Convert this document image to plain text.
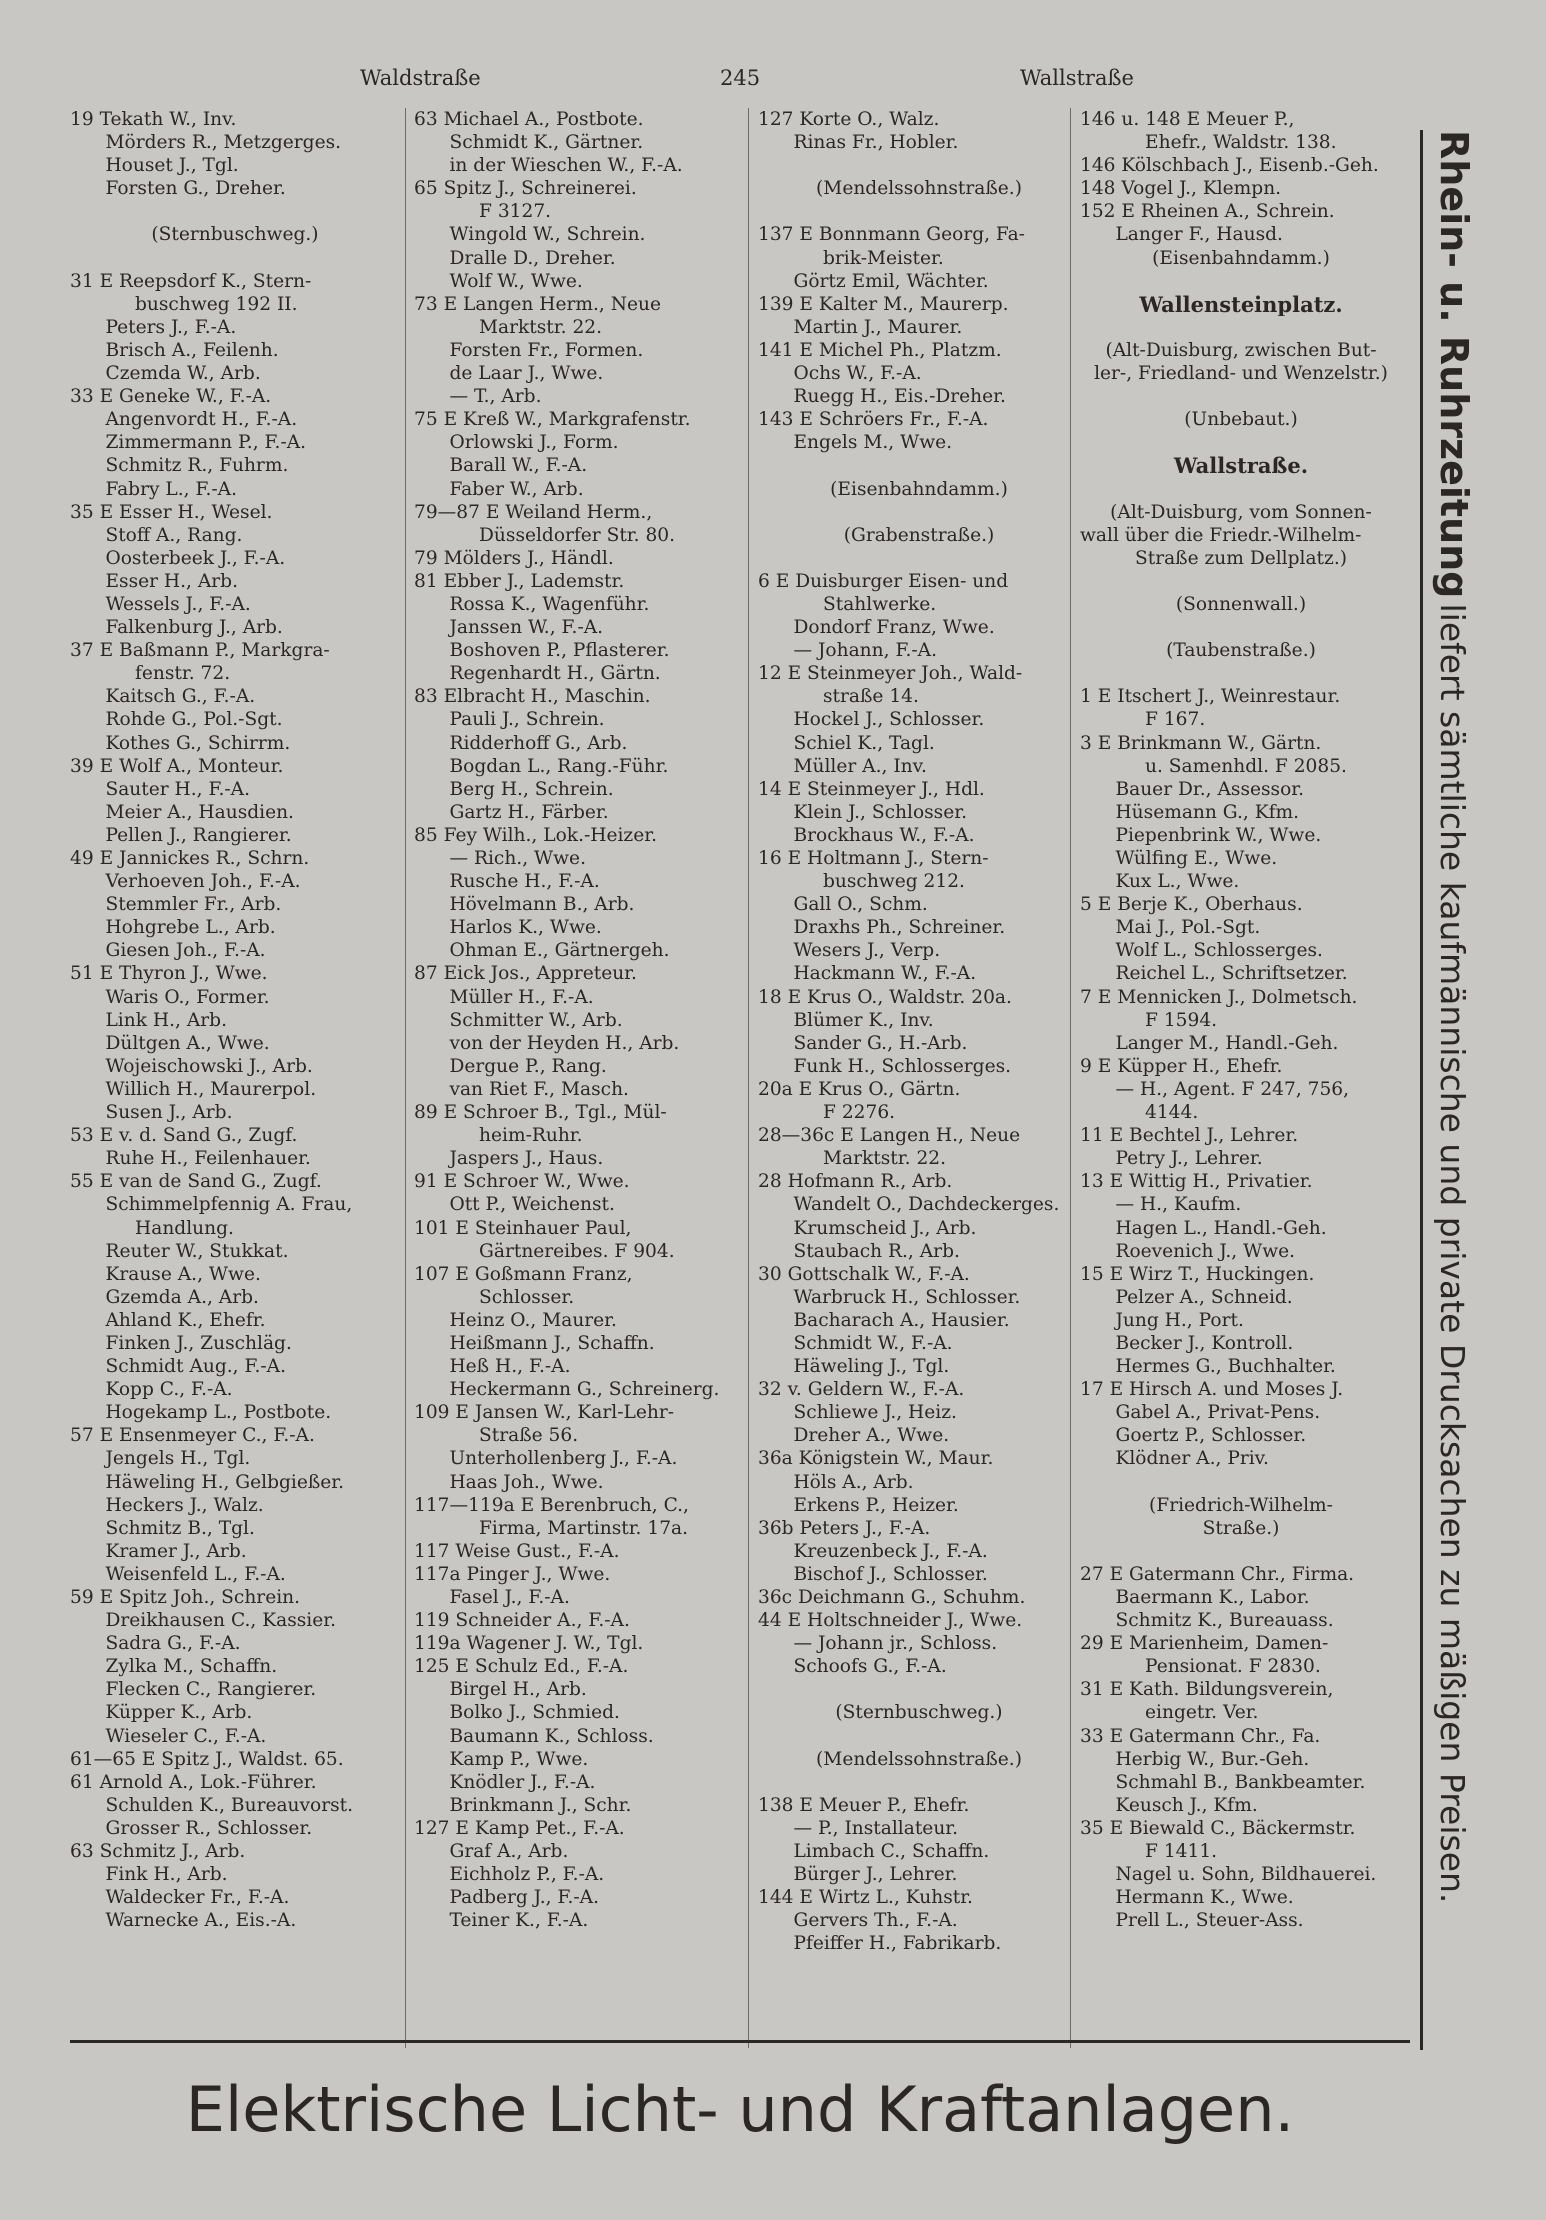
Waldstraße	245	Wallstraße
19 Tekath W., Inv.
Mörders R., Metzgerges.
Houset J., Tgl.
Forsten G., Dreher.

(Sternbuschweg.)

31 E Reepsdorf K., Stern-
buschweg 192 II.
Peters J., F.-A.
Brisch A., Feilenh.
Czemda W., Arb.
33 E Geneke W., F.-A.
Angenvordt H., F.-A.
Zimmermann P., F.-A.
Schmitz R., Fuhrm.
Fabry L., F.-A.
35 E Esser H., Wesel.
Stoff A., Rang.
Oosterbeek J., F.-A.
Esser H., Arb.
Wessels J., F.-A.
Falkenburg J., Arb.
37 E Baßmann P., Markgra-
fenstr. 72.
Kaitsch G., F.-A.
Rohde G., Pol.-Sgt.
Kothes G., Schirrm.
39 E Wolf A., Monteur.
Sauter H., F.-A.
Meier A., Hausdien.
Pellen J., Rangierer.
49 E Jannickes R., Schrn.
Verhoeven Joh., F.-A.
Stemmler Fr., Arb.
Hohgrebe L., Arb.
Giesen Joh., F.-A.
51 E Thyron J., Wwe.
Waris O., Former.
Link H., Arb.
Dültgen A., Wwe.
Wojeischowski J., Arb.
Willich H., Maurerpol.
Susen J., Arb.
53 E v. d. Sand G., Zugf.
Ruhe H., Feilenhauer.
55 E van de Sand G., Zugf.
Schimmelpfennig A. Frau,
Handlung.
Reuter W., Stukkat.
Krause A., Wwe.
Gzemda A., Arb.
Ahland K., Ehefr.
Finken J., Zuschläg.
Schmidt Aug., F.-A.
Kopp C., F.-A.
Hogekamp L., Postbote.
57 E Ensenmeyer C., F.-A.
Jengels H., Tgl.
Häweling H., Gelbgießer.
Heckers J., Walz.
Schmitz B., Tgl.
Kramer J., Arb.
Weisenfeld L., F.-A.
59 E Spitz Joh., Schrein.
Dreikhausen C., Kassier.
Sadra G., F.-A.
Zylka M., Schaffn.
Flecken C., Rangierer.
Küpper K., Arb.
Wieseler C., F.-A.
61—65 E Spitz J., Waldst. 65.
61 Arnold A., Lok.-Führer.
Schulden K., Bureauvorst.
Grosser R., Schlosser.
63 Schmitz J., Arb.
Fink H., Arb.
Waldecker Fr., F.-A.
Warnecke A., Eis.-A.
63 Michael A., Postbote.
Schmidt K., Gärtner.
in der Wieschen W., F.-A.
65 Spitz J., Schreinerei.
F 3127.
Wingold W., Schrein.
Dralle D., Dreher.
Wolf W., Wwe.
73 E Langen Herm., Neue
Marktstr. 22.
Forsten Fr., Formen.
de Laar J., Wwe.
— T., Arb.
75 E Kreß W., Markgrafenstr.
Orlowski J., Form.
Barall W., F.-A.
Faber W., Arb.
79—87 E Weiland Herm.,
Düsseldorfer Str. 80.
79 Mölders J., Händl.
81 Ebber J., Lademstr.
Rossa K., Wagenführ.
Janssen W., F.-A.
Boshoven P., Pflasterer.
Regenhardt H., Gärtn.
83 Elbracht H., Maschin.
Pauli J., Schrein.
Ridderhoff G., Arb.
Bogdan L., Rang.-Führ.
Berg H., Schrein.
Gartz H., Färber.
85 Fey Wilh., Lok.-Heizer.
— Rich., Wwe.
Rusche H., F.-A.
Hövelmann B., Arb.
Harlos K., Wwe.
Ohman E., Gärtnergeh.
87 Eick Jos., Appreteur.
Müller H., F.-A.
Schmitter W., Arb.
von der Heyden H., Arb.
Dergue P., Rang.
van Riet F., Masch.
89 E Schroer B., Tgl., Mül-
heim-Ruhr.
Jaspers J., Haus.
91 E Schroer W., Wwe.
Ott P., Weichenst.
101 E Steinhauer Paul,
Gärtnereibes. F 904.
107 E Goßmann Franz,
Schlosser.
Heinz O., Maurer.
Heißmann J., Schaffn.
Heß H., F.-A.
Heckermann G., Schreinerg.
109 E Jansen W., Karl-Lehr-
Straße 56.
Unterhollenberg J., F.-A.
Haas Joh., Wwe.
117—119a E Berenbruch, C.,
Firma, Martinstr. 17a.
117 Weise Gust., F.-A.
117a Pinger J., Wwe.
Fasel J., F.-A.
119 Schneider A., F.-A.
119a Wagener J. W., Tgl.
125 E Schulz Ed., F.-A.
Birgel H., Arb.
Bolko J., Schmied.
Baumann K., Schloss.
Kamp P., Wwe.
Knödler J., F.-A.
Brinkmann J., Schr.
127 E Kamp Pet., F.-A.
Graf A., Arb.
Eichholz P., F.-A.
Padberg J., F.-A.
Teiner K., F.-A.
127 Korte O., Walz.
Rinas Fr., Hobler.

(Mendelssohnstraße.)

137 E Bonnmann Georg, Fa-
brik-Meister.
Görtz Emil, Wächter.
139 E Kalter M., Maurerp.
Martin J., Maurer.
141 E Michel Ph., Platzm.
Ochs W., F.-A.
Ruegg H., Eis.-Dreher.
143 E Schröers Fr., F.-A.
Engels M., Wwe.

(Eisenbahndamm.)

(Grabenstraße.)

6 E Duisburger Eisen- und
Stahlwerke.
Dondorf Franz, Wwe.
— Johann, F.-A.
12 E Steinmeyer Joh., Wald-
straße 14.
Hockel J., Schlosser.
Schiel K., Tagl.
Müller A., Inv.
14 E Steinmeyer J., Hdl.
Klein J., Schlosser.
Brockhaus W., F.-A.
16 E Holtmann J., Stern-
buschweg 212.
Gall O., Schm.
Draxhs Ph., Schreiner.
Wesers J., Verp.
Hackmann W., F.-A.
18 E Krus O., Waldstr. 20a.
Blümer K., Inv.
Sander G., H.-Arb.
Funk H., Schlosserges.
20a E Krus O., Gärtn.
F 2276.
28—36c E Langen H., Neue
Marktstr. 22.
28 Hofmann R., Arb.
Wandelt O., Dachdeckerges.
Krumscheid J., Arb.
Staubach R., Arb.
30 Gottschalk W., F.-A.
Warbruck H., Schlosser.
Bacharach A., Hausier.
Schmidt W., F.-A.
Häweling J., Tgl.
32 v. Geldern W., F.-A.
Schliewe J., Heiz.
Dreher A., Wwe.
36a Königstein W., Maur.
Höls A., Arb.
Erkens P., Heizer.
36b Peters J., F.-A.
Kreuzenbeck J., F.-A.
Bischof J., Schlosser.
36c Deichmann G., Schuhm.
44 E Holtschneider J., Wwe.
— Johann jr., Schloss.
Schoofs G., F.-A.

(Sternbuschweg.)

(Mendelssohnstraße.)

138 E Meuer P., Ehefr.
— P., Installateur.
Limbach C., Schaffn.
Bürger J., Lehrer.
144 E Wirtz L., Kuhstr.
Gervers Th., F.-A.
Pfeiffer H., Fabrikarb.
146 u. 148 E Meuer P.,
Ehefr., Waldstr. 138.
146 Kölschbach J., Eisenb.-Geh.
148 Vogel J., Klempn.
152 E Rheinen A., Schrein.
Langer F., Hausd.
(Eisenbahndamm.)

Wallensteinplatz.

(Alt-Duisburg, zwischen But-
ler-, Friedland- und Wenzelstr.)

(Unbebaut.)

Wallstraße.

(Alt-Duisburg, vom Sonnen-
wall über die Friedr.-Wilhelm-
Straße zum Dellplatz.)

(Sonnenwall.)

(Taubenstraße.)

1 E Itschert J., Weinrestaur.
F 167.
3 E Brinkmann W., Gärtn.
u. Samenhdl. F 2085.
Bauer Dr., Assessor.
Hüsemann G., Kfm.
Piepenbrink W., Wwe.
Wülfing E., Wwe.
Kux L., Wwe.
5 E Berje K., Oberhaus.
Mai J., Pol.-Sgt.
Wolf L., Schlosserges.
Reichel L., Schriftsetzer.
7 E Mennicken J., Dolmetsch.
F 1594.
Langer M., Handl.-Geh.
9 E Küpper H., Ehefr.
— H., Agent. F 247, 756,
4144.
11 E Bechtel J., Lehrer.
Petry J., Lehrer.
13 E Wittig H., Privatier.
— H., Kaufm.
Hagen L., Handl.-Geh.
Roevenich J., Wwe.
15 E Wirz T., Huckingen.
Pelzer A., Schneid.
Jung H., Port.
Becker J., Kontroll.
Hermes G., Buchhalter.
17 E Hirsch A. und Moses J.
Gabel A., Privat-Pens.
Goertz P., Schlosser.
Klödner A., Priv.

(Friedrich-Wilhelm-
Straße.)

27 E Gatermann Chr., Firma.
Baermann K., Labor.
Schmitz K., Bureauass.
29 E Marienheim, Damen-
Pensionat. F 2830.
31 E Kath. Bildungsverein,
eingetr. Ver.
33 E Gatermann Chr., Fa.
Herbig W., Bur.-Geh.
Schmahl B., Bankbeamter.
Keusch J., Kfm.
35 E Biewald C., Bäckermstr.
F 1411.
Nagel u. Sohn, Bildhauerei.
Hermann K., Wwe.
Prell L., Steuer-Ass.
Rhein- u. Ruhrzeitung liefert sämtliche kaufmännische und private Drucksachen zu mäßigen Preisen.
Elektrische Licht- und Kraftanlagen.
